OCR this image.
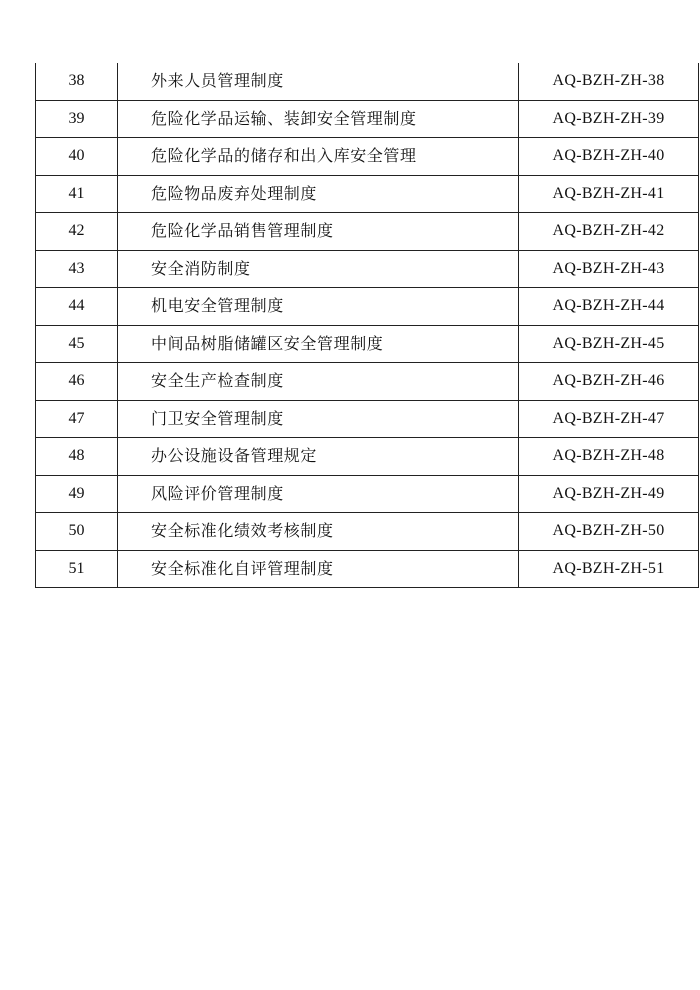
38	外来人员管理制度	AQ-BZH-ZH-38
39	危险化学品运输、装卸安全管理制度	AQ-BZH-ZH-39
40	危险化学品的储存和出入库安全管理	AQ-BZH-ZH-40
41	危险物品废弃处理制度	AQ-BZH-ZH-41
42	危险化学品销售管理制度	AQ-BZH-ZH-42
43	安全消防制度	AQ-BZH-ZH-43
44	机电安全管理制度	AQ-BZH-ZH-44
45	中间品树脂储罐区安全管理制度	AQ-BZH-ZH-45
46	安全生产检查制度	AQ-BZH-ZH-46
47	门卫安全管理制度	AQ-BZH-ZH-47
48	办公设施设备管理规定	AQ-BZH-ZH-48
49	风险评价管理制度	AQ-BZH-ZH-49
50	安全标准化绩效考核制度	AQ-BZH-ZH-50
51	安全标准化自评管理制度	AQ-BZH-ZH-51
